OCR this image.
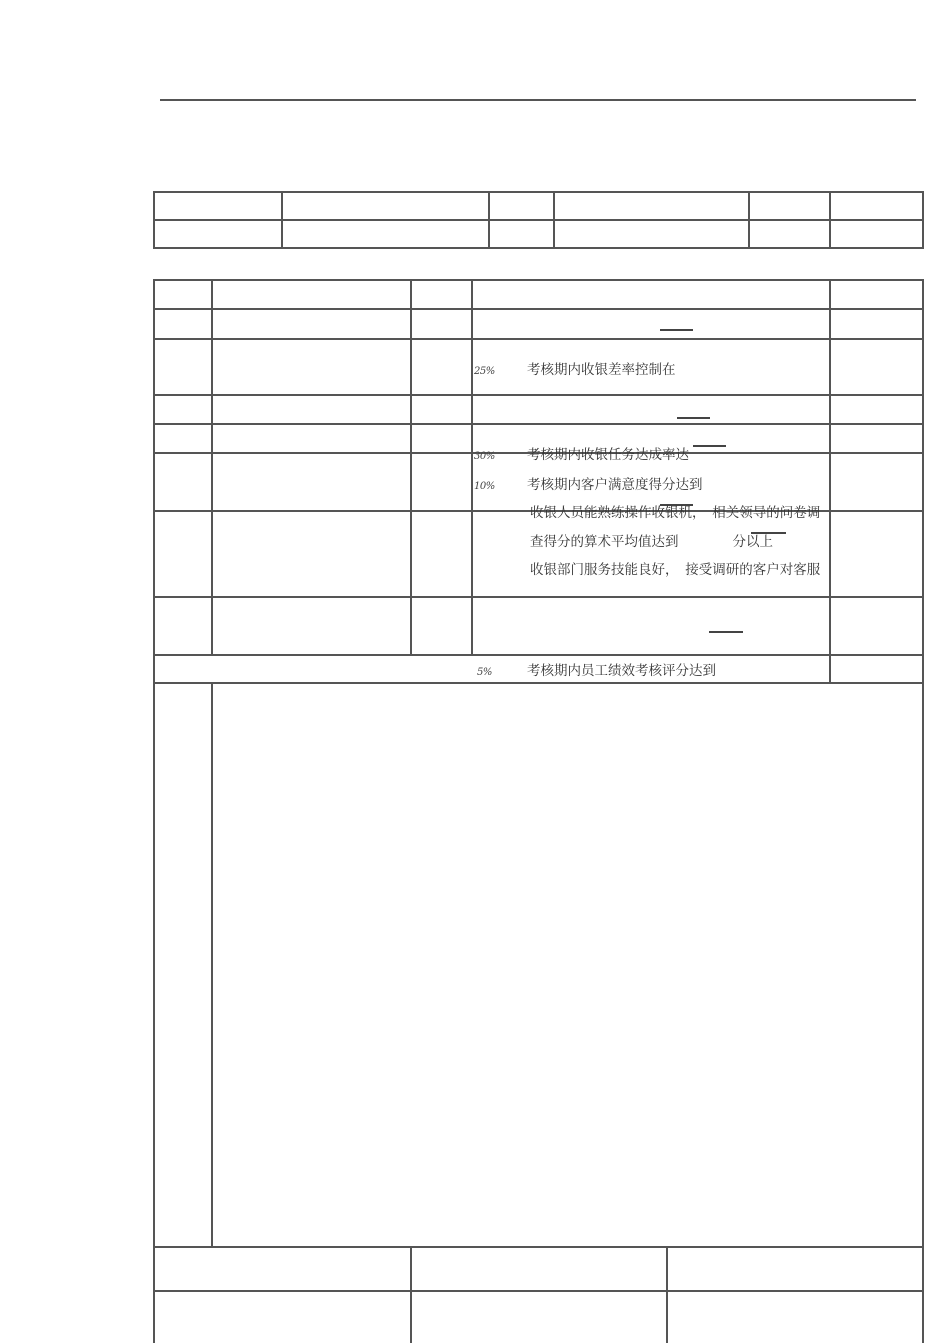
25% 考核期内收银差率控制在
30% 考核期内收银任务达成率达
10% 考核期内客户满意度得分达到
收银人员能熟练操作收银机，　相关领导的问卷调
查得分的算术平均值达到　　　　分以上
收银部门服务技能良好，　接受调研的客户对客服
5%	考核期内员工绩效考核评分达到
